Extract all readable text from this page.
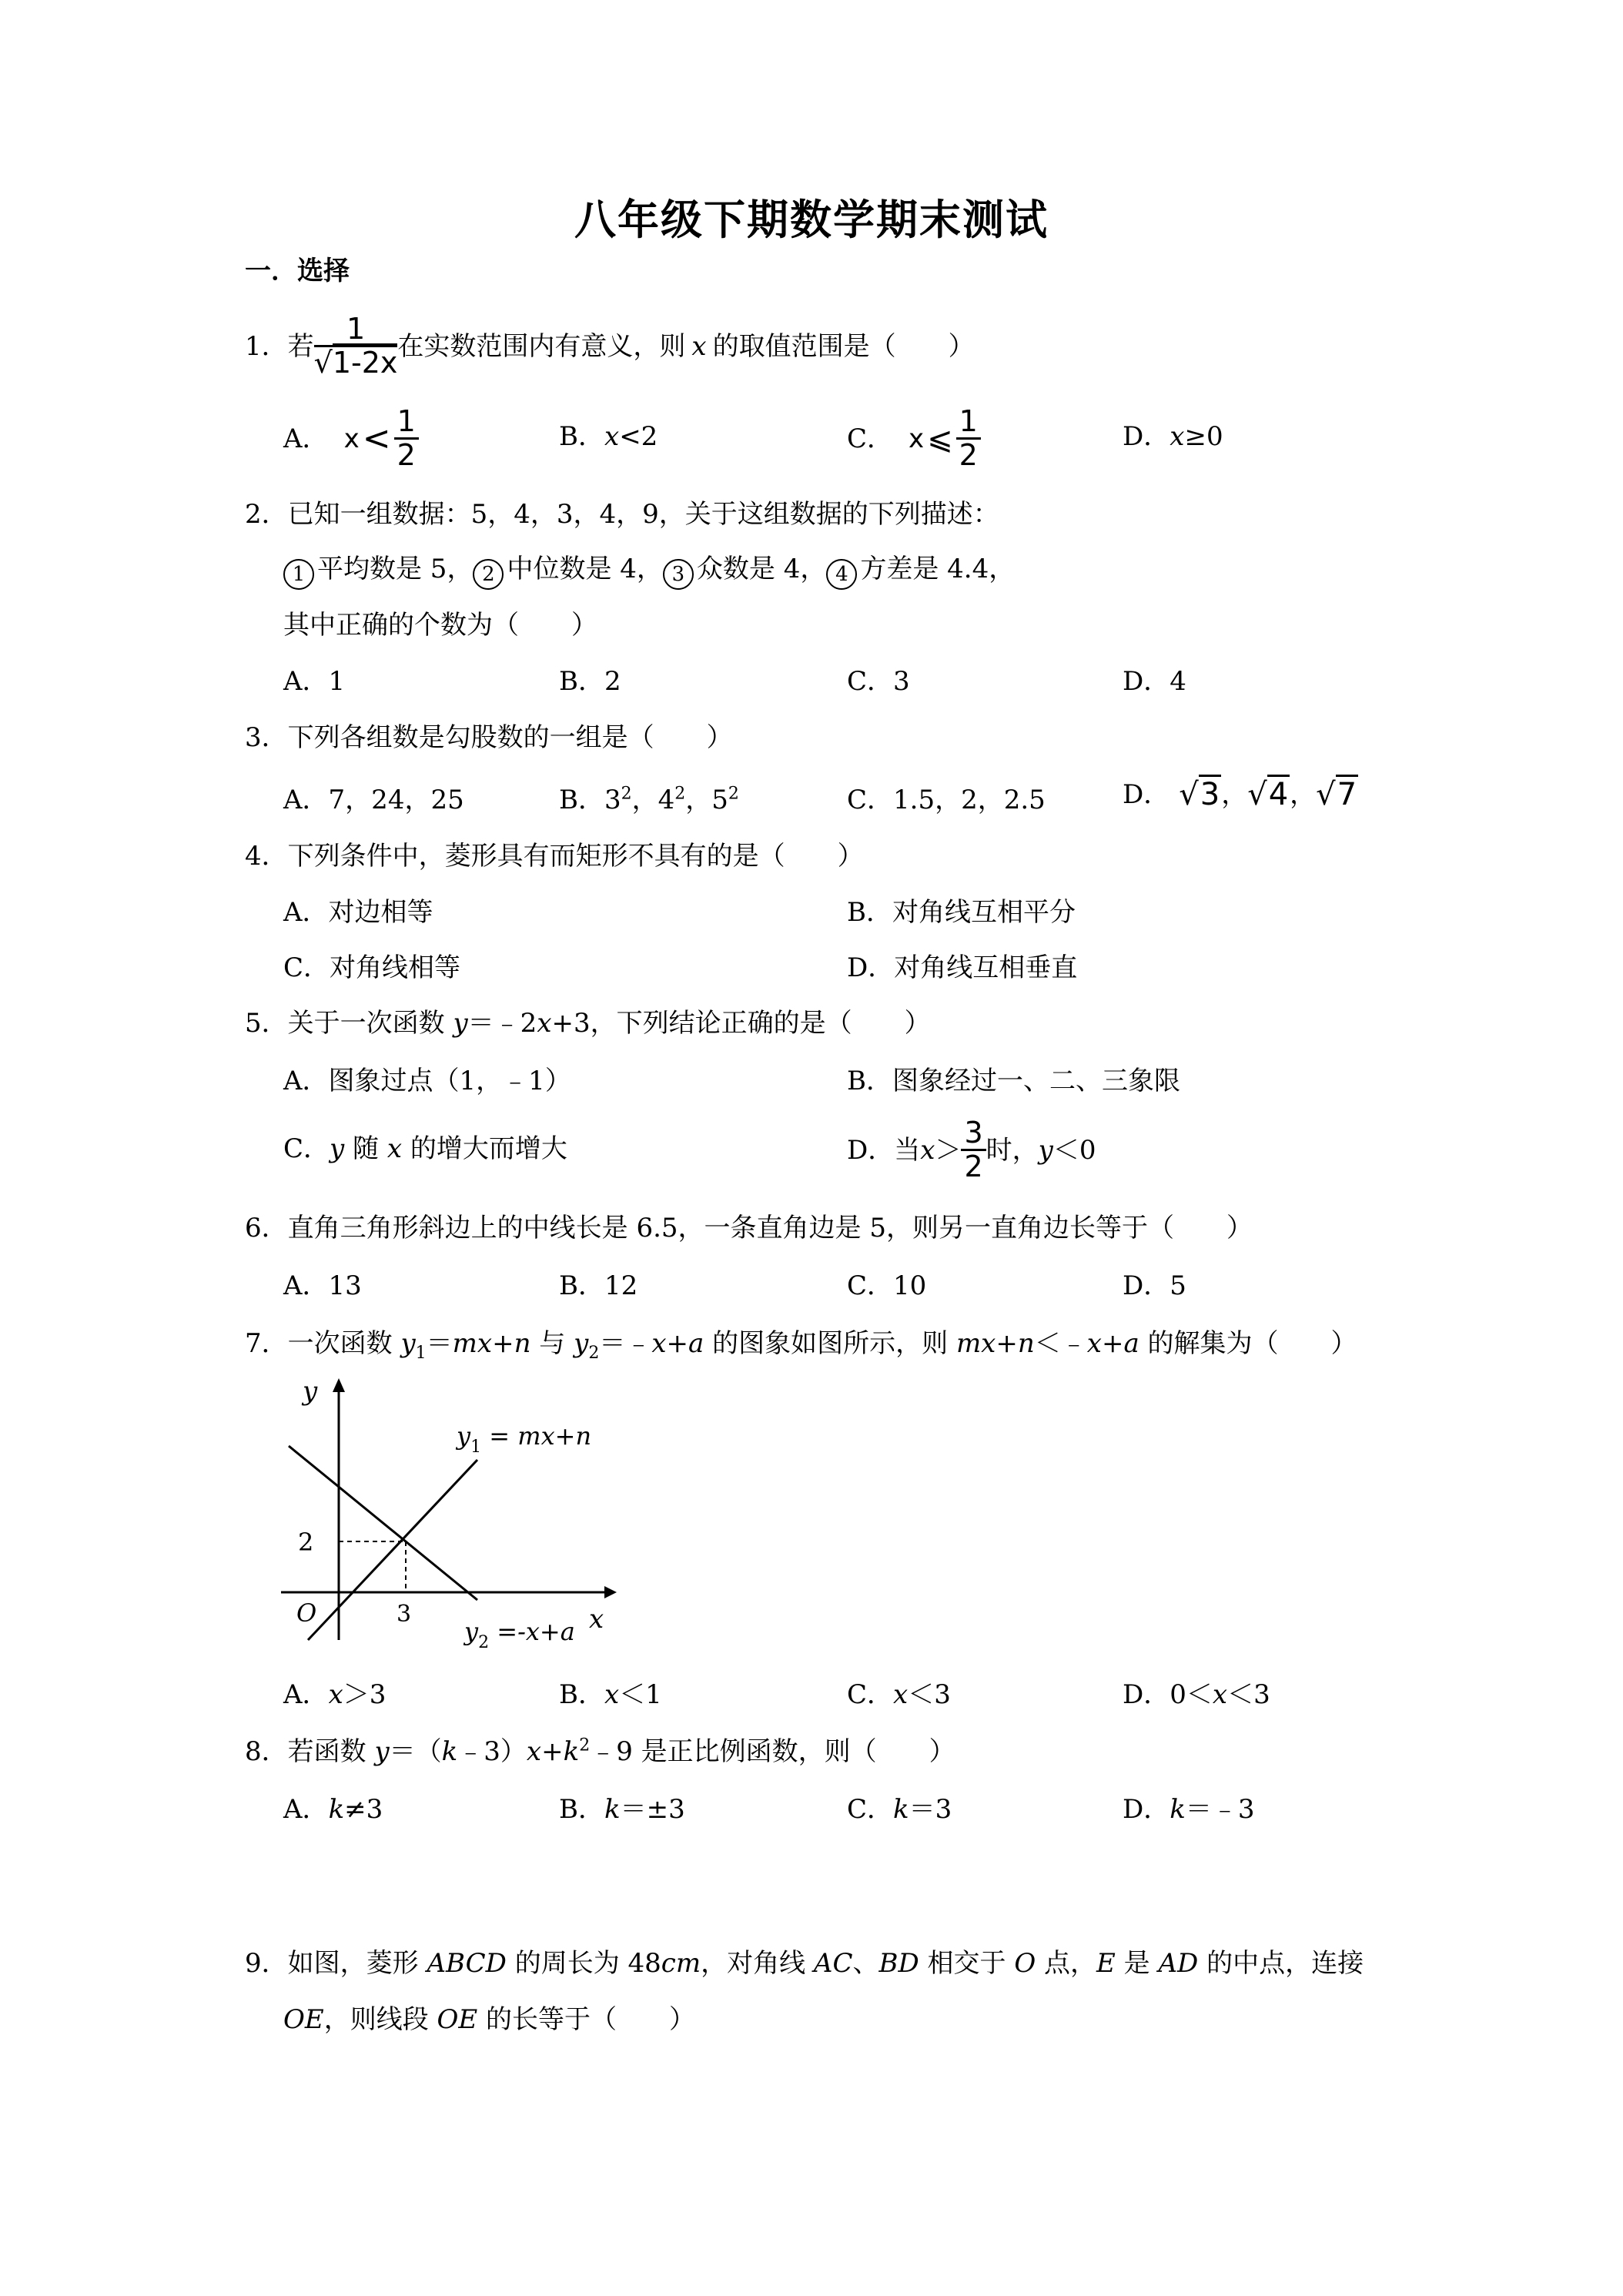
八年级下期数学期末测试
一．选择
1． 若 $\frac{1}{√1-2x}$ 在实数范围内有意义，则 x 的取值范围是（　　）
A． $x < \frac{1}{2}$	B．x<2	C． x ⩽ $\frac{1}{2}$	D．x≥0
2．已知一组数据：5，4，3，4，9，关于这组数据的下列描述：
1 平均数是 5， 2 中位数是 4， 3 众数是 4， 4 方差是 4.4，
其中正确的个数为（　　）
A．1	B．2	C．3	D．4
3．下列各组数是勾股数的一组是（　　）
A．7，24，25	B．$3^2$，$4^2$，$5^2$	C．1.5，2，2.5	D． √3 ， √4 ， √7
4．下列条件中，菱形具有而矩形不具有的是（　　）
A．对边相等	B．对角线互相平分
C．对角线相等	D．对角线互相垂直
5．关于一次函数 y＝﹣2x+3，下列结论正确的是（　　）
A．图象过点（1，﹣1）	B．图象经过一、二、三象限
C．y 随 x 的增大而增大	D．当 $x > \frac{3}{2}$ 时， y ＜0
6．直角三角形斜边上的中线长是 6.5，一条直角边是 5，则另一直角边长等于（　　）
A．13	B．12	C．10	D．5
7．一次函数 $y_1=mx+n$ 与 $y_2=﹣x+a$ 的图象如图所示，则 mx+n＜﹣x+a 的解集为（　　）
y
x
O
2
3
$y_1 = mx+n$
$y_2 =-x+a$
A．x＞3	B．x＜1	C．x＜3	D．0＜x＜3
8．若函数 $y=(k﹣3)x+k^2﹣9$ 是正比例函数，则（　　）
A．k≠3	B．k＝±3	C．k＝3	D．k＝﹣3
9．如图，菱形 ABCD 的周长为 48cm，对角线 AC、BD 相交于 O 点，E 是 AD 的中点，连接
OE，则线段 OE 的长等于（　　）
